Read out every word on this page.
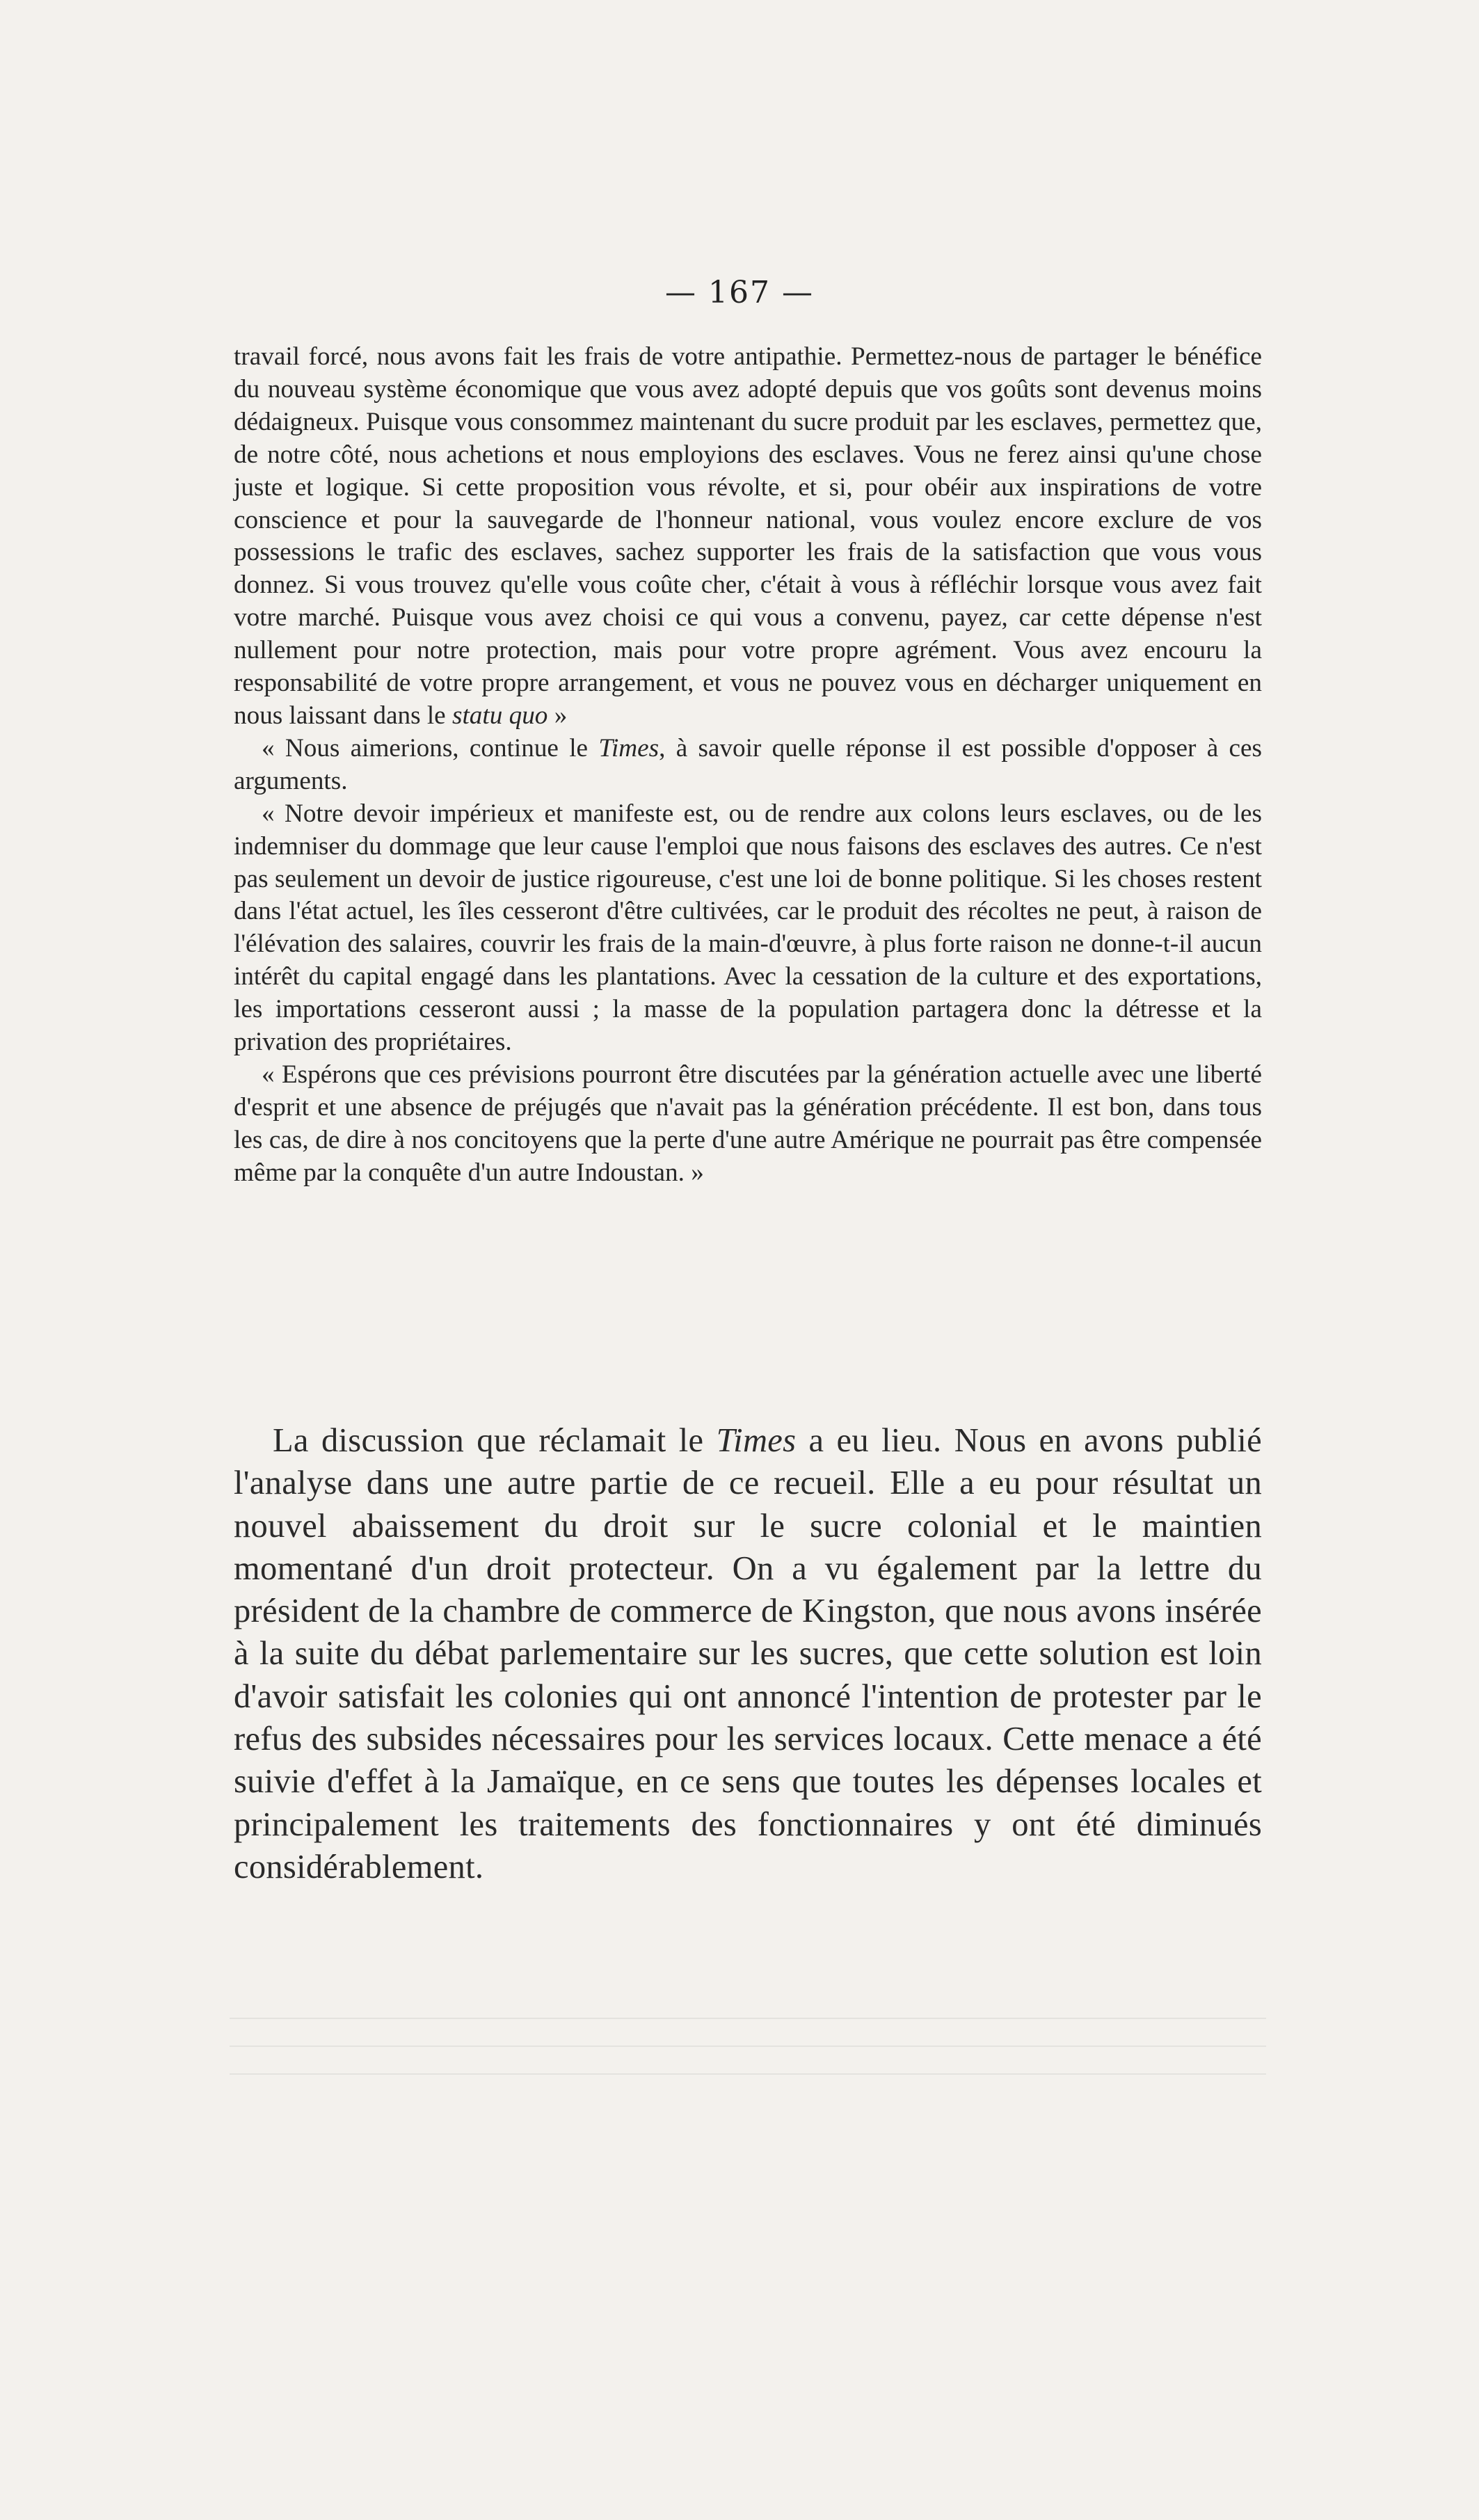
— 167 —

travail forcé, nous avons fait les frais de votre antipathie. Permettez-nous de partager le bénéfice du nouveau système économique que vous avez adopté depuis que vos goûts sont devenus moins dédaigneux. Puisque vous consommez maintenant du sucre produit par les esclaves, permettez que, de notre côté, nous achetions et nous employions des esclaves. Vous ne ferez ainsi qu'une chose juste et logique. Si cette proposition vous révolte, et si, pour obéir aux inspirations de votre conscience et pour la sauvegarde de l'honneur national, vous voulez encore exclure de vos possessions le trafic des esclaves, sachez supporter les frais de la satisfaction que vous vous donnez. Si vous trouvez qu'elle vous coûte cher, c'était à vous à réfléchir lorsque vous avez fait votre marché. Puisque vous avez choisi ce qui vous a convenu, payez, car cette dépense n'est nullement pour notre protection, mais pour votre propre agrément. Vous avez encouru la responsabilité de votre propre arrangement, et vous ne pouvez vous en décharger uniquement en nous laissant dans le statu quo »

« Nous aimerions, continue le Times, à savoir quelle réponse il est possible d'opposer à ces arguments.

« Notre devoir impérieux et manifeste est, ou de rendre aux colons leurs esclaves, ou de les indemniser du dommage que leur cause l'emploi que nous faisons des esclaves des autres. Ce n'est pas seulement un devoir de justice rigoureuse, c'est une loi de bonne politique. Si les choses restent dans l'état actuel, les îles cesseront d'être cultivées, car le produit des récoltes ne peut, à raison de l'élévation des salaires, couvrir les frais de la main-d'œuvre, à plus forte raison ne donne-t-il aucun intérêt du capital engagé dans les plantations. Avec la cessation de la culture et des exportations, les importations cesseront aussi ; la masse de la population partagera donc la détresse et la privation des propriétaires.

« Espérons que ces prévisions pourront être discutées par la génération actuelle avec une liberté d'esprit et une absence de préjugés que n'avait pas la génération précédente. Il est bon, dans tous les cas, de dire à nos concitoyens que la perte d'une autre Amérique ne pourrait pas être compensée même par la conquête d'un autre Indoustan. »

La discussion que réclamait le Times a eu lieu. Nous en avons publié l'analyse dans une autre partie de ce recueil. Elle a eu pour résultat un nouvel abaissement du droit sur le sucre colonial et le maintien momentané d'un droit protecteur. On a vu également par la lettre du président de la chambre de commerce de Kingston, que nous avons insérée à la suite du débat parlementaire sur les sucres, que cette solution est loin d'avoir satisfait les colonies qui ont annoncé l'intention de protester par le refus des subsides nécessaires pour les services locaux. Cette menace a été suivie d'effet à la Jamaïque, en ce sens que toutes les dépenses locales et principalement les traitements des fonctionnaires y ont été diminués considérablement.
